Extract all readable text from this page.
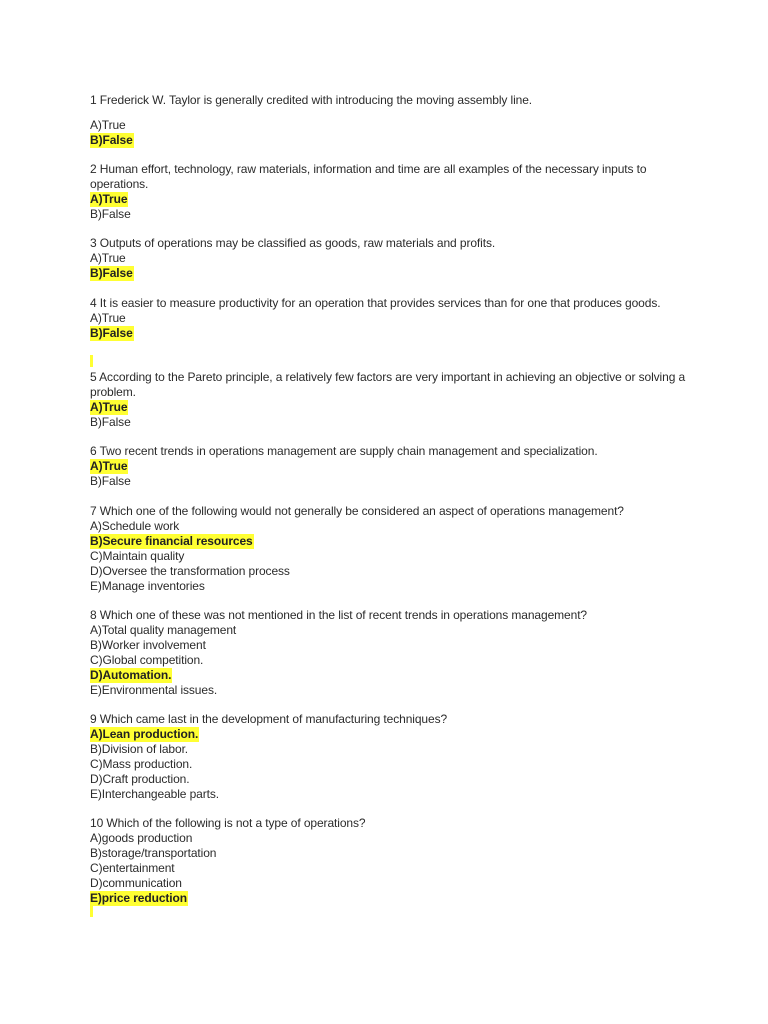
1 Frederick W. Taylor is generally credited with introducing the moving assembly line.

A)True
B)False

2 Human effort, technology, raw materials, information and time are all examples of the necessary inputs to operations.

A)True
B)False

3 Outputs of operations may be classified as goods, raw materials and profits.

A)True
B)False

4 It is easier to measure productivity for an operation that provides services than for one that produces goods.

A)True
B)False

5 According to the Pareto principle, a relatively few factors are very important in achieving an objective or solving a problem.

A)True
B)False

6 Two recent trends in operations management are supply chain management and specialization.

A)True
B)False

7 Which one of the following would not generally be considered an aspect of operations management?

A)Schedule work
B)Secure financial resources
C)Maintain quality
D)Oversee the transformation process
E)Manage inventories

8 Which one of these was not mentioned in the list of recent trends in operations management?

A)Total quality management
B)Worker involvement
C)Global competition.
D)Automation.
E)Environmental issues.

9 Which came last in the development of manufacturing techniques?

A)Lean production.
B)Division of labor.
C)Mass production.
D)Craft production.
E)Interchangeable parts.

10 Which of the following is not a type of operations?

A)goods production
B)storage/transportation
C)entertainment
D)communication
E)price reduction
